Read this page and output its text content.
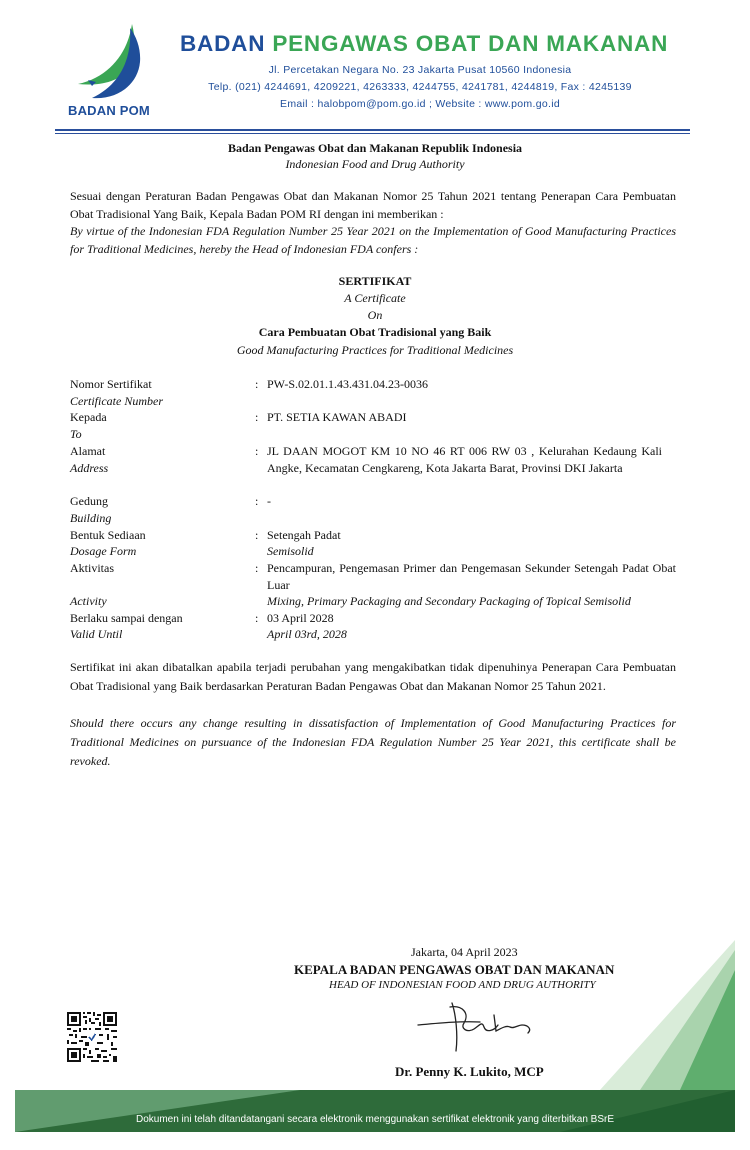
BADAN POM
BADAN PENGAWAS OBAT DAN MAKANAN
Jl. Percetakan Negara No. 23 Jakarta Pusat 10560 Indonesia
Telp. (021) 4244691, 4209221, 4263333, 4244755, 4241781, 4244819, Fax : 4245139
Email : halobpom@pom.go.id ; Website : www.pom.go.id
Badan Pengawas Obat dan Makanan Republik Indonesia
Indonesian Food and Drug Authority
Sesuai dengan Peraturan Badan Pengawas Obat dan Makanan Nomor 25 Tahun 2021 tentang Penerapan Cara Pembuatan Obat Tradisional Yang Baik, Kepala Badan POM RI dengan ini memberikan :
By virtue of the Indonesian FDA Regulation Number 25 Year 2021 on the Implementation of Good Manufacturing Practices for Traditional Medicines, hereby the Head of Indonesian FDA confers :
SERTIFIKAT
A Certificate
On
Cara Pembuatan Obat Tradisional yang Baik
Good Manufacturing Practices for Traditional Medicines
Nomor Sertifikat
Certificate Number
: PW-S.02.01.1.43.431.04.23-0036
Kepada
To
: PT. SETIA KAWAN ABADI
Alamat
Address
: JL DAAN MOGOT KM 10 NO 46 RT 006 RW 03 , Kelurahan Kedaung Kali Angke, Kecamatan Cengkareng, Kota Jakarta Barat, Provinsi DKI Jakarta
Gedung
Building
: -
Bentuk Sediaan
Dosage Form
: Setengah Padat
Semisolid
Aktivitas	: Pencampuran, Pengemasan Primer dan Pengemasan Sekunder Setengah Padat Obat Luar
Activity	Mixing, Primary Packaging and Secondary Packaging of Topical Semisolid
Berlaku sampai dengan
Valid Until
: 03 April 2028
April 03rd, 2028
Sertifikat ini akan dibatalkan apabila terjadi perubahan yang mengakibatkan tidak dipenuhinya Penerapan Cara Pembuatan Obat Tradisional yang Baik berdasarkan Peraturan Badan Pengawas Obat dan Makanan Nomor 25 Tahun 2021.
Should there occurs any change resulting in dissatisfaction of Implementation of Good Manufacturing Practices for Traditional Medicines on pursuance of the Indonesian FDA Regulation Number 25 Year 2021, this certificate shall be revoked.
Jakarta, 04 April 2023
KEPALA BADAN PENGAWAS OBAT DAN MAKANAN
HEAD OF INDONESIAN FOOD AND DRUG AUTHORITY
Dr. Penny K. Lukito, MCP
Dokumen ini telah ditandatangani secara elektronik menggunakan sertifikat elektronik yang diterbitkan BSrE
